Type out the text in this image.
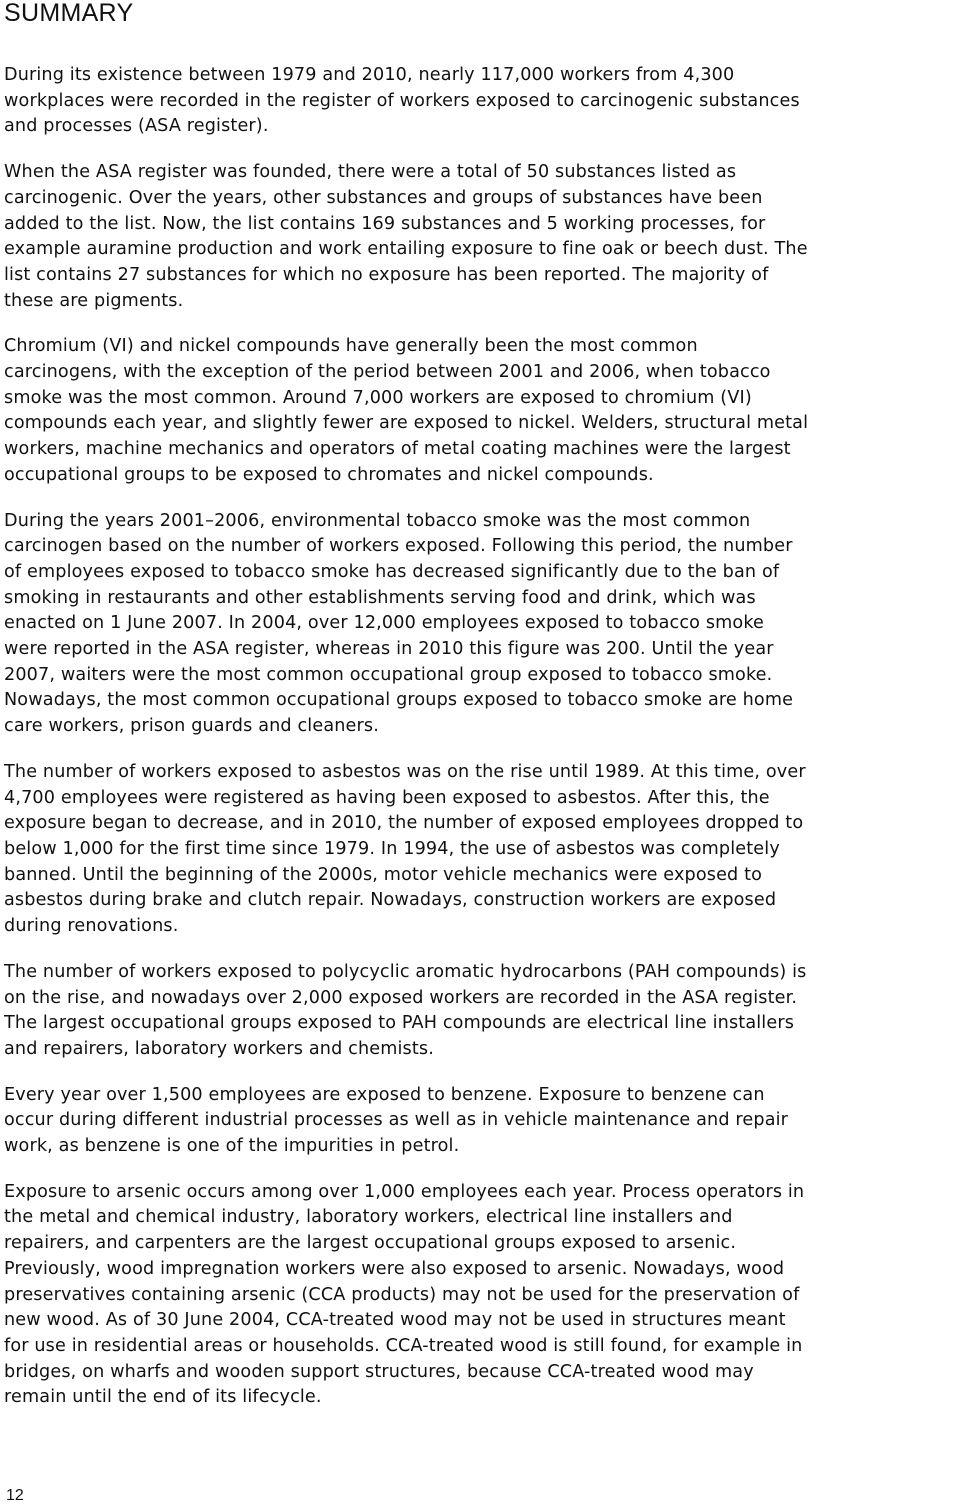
SUMMARY

During its existence between 1979 and 2010, nearly 117,000 workers from 4,300
workplaces were recorded in the register of workers exposed to carcinogenic substances
and processes (ASA register).

When the ASA register was founded, there were a total of 50 substances listed as
carcinogenic. Over the years, other substances and groups of substances have been
added to the list. Now, the list contains 169 substances and 5 working processes, for
example auramine production and work entailing exposure to fine oak or beech dust. The
list contains 27 substances for which no exposure has been reported. The majority of
these are pigments.

Chromium (VI) and nickel compounds have generally been the most common
carcinogens, with the exception of the period between 2001 and 2006, when tobacco
smoke was the most common. Around 7,000 workers are exposed to chromium (VI)
compounds each year, and slightly fewer are exposed to nickel. Welders, structural metal
workers, machine mechanics and operators of metal coating machines were the largest
occupational groups to be exposed to chromates and nickel compounds.

During the years 2001–2006, environmental tobacco smoke was the most common
carcinogen based on the number of workers exposed. Following this period, the number
of employees exposed to tobacco smoke has decreased significantly due to the ban of
smoking in restaurants and other establishments serving food and drink, which was
enacted on 1 June 2007. In 2004, over 12,000 employees exposed to tobacco smoke
were reported in the ASA register, whereas in 2010 this figure was 200. Until the year
2007, waiters were the most common occupational group exposed to tobacco smoke.
Nowadays, the most common occupational groups exposed to tobacco smoke are home
care workers, prison guards and cleaners.

The number of workers exposed to asbestos was on the rise until 1989. At this time, over
4,700 employees were registered as having been exposed to asbestos. After this, the
exposure began to decrease, and in 2010, the number of exposed employees dropped to
below 1,000 for the first time since 1979. In 1994, the use of asbestos was completely
banned. Until the beginning of the 2000s, motor vehicle mechanics were exposed to
asbestos during brake and clutch repair. Nowadays, construction workers are exposed
during renovations.

The number of workers exposed to polycyclic aromatic hydrocarbons (PAH compounds) is
on the rise, and nowadays over 2,000 exposed workers are recorded in the ASA register.
The largest occupational groups exposed to PAH compounds are electrical line installers
and repairers, laboratory workers and chemists.

Every year over 1,500 employees are exposed to benzene. Exposure to benzene can
occur during different industrial processes as well as in vehicle maintenance and repair
work, as benzene is one of the impurities in petrol.

Exposure to arsenic occurs among over 1,000 employees each year. Process operators in
the metal and chemical industry, laboratory workers, electrical line installers and
repairers, and carpenters are the largest occupational groups exposed to arsenic.
Previously, wood impregnation workers were also exposed to arsenic. Nowadays, wood
preservatives containing arsenic (CCA products) may not be used for the preservation of
new wood. As of 30 June 2004, CCA-treated wood may not be used in structures meant
for use in residential areas or households. CCA-treated wood is still found, for example in
bridges, on wharfs and wooden support structures, because CCA-treated wood may
remain until the end of its lifecycle.

12
